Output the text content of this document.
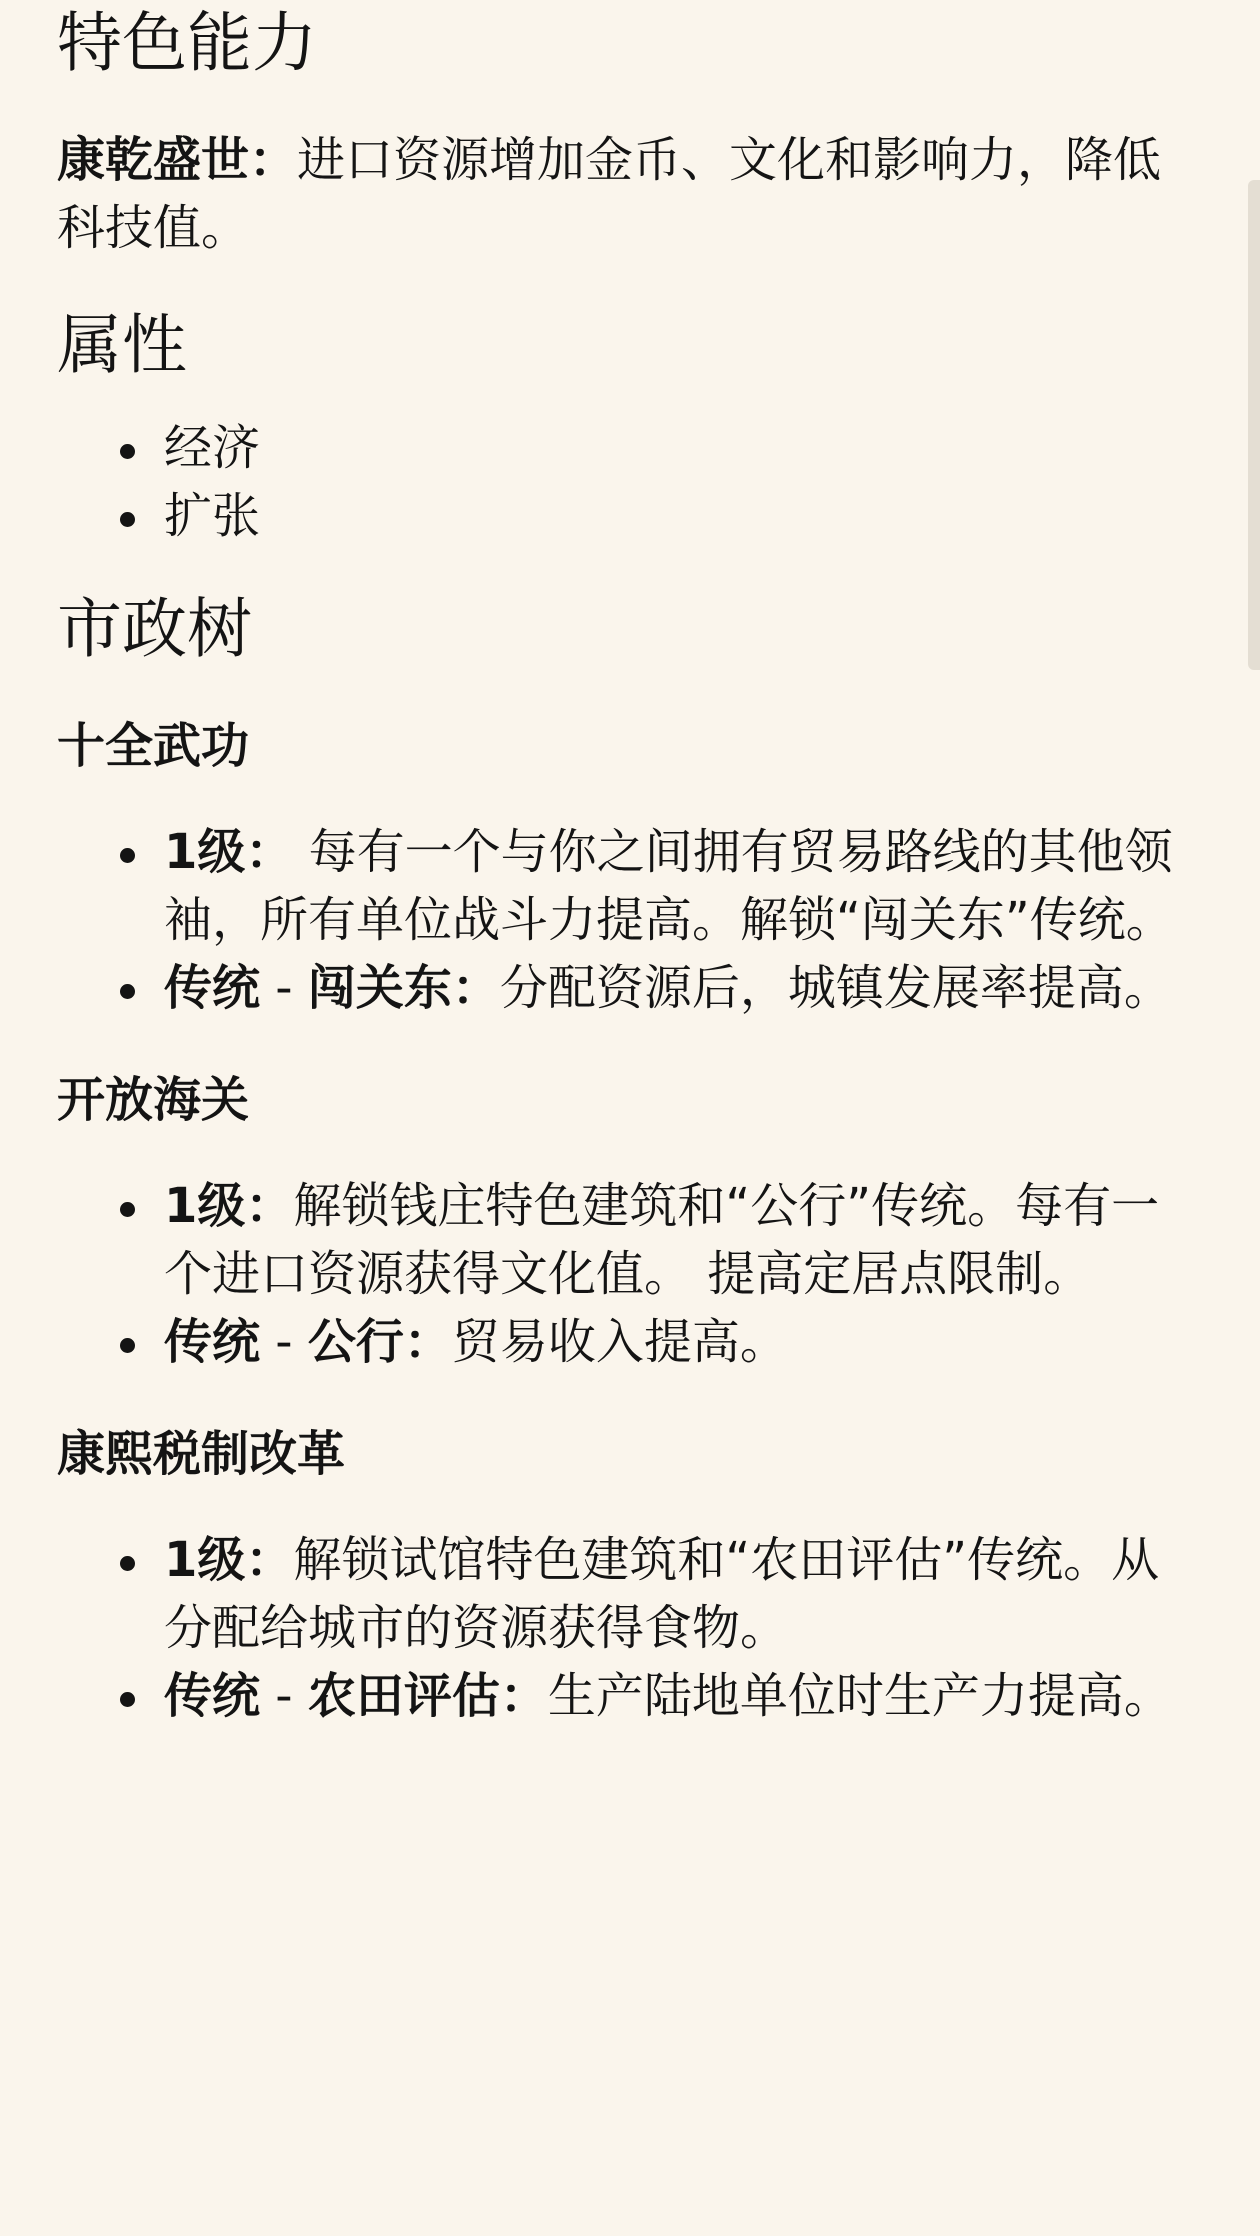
特色能力

康乾盛世：进口资源增加金币、文化和影响力，降低科技值。

属性
经济
扩张
市政树
十全武功
1级： 每有一个与你之间拥有贸易路线的其他领袖，所有单位战斗力提高。解锁“闯关东”传统。
传统 - 闯关东：分配资源后，城镇发展率提高。
开放海关
1级：解锁钱庄特色建筑和“公行”传统。每有一个进口资源获得文化值。 提高定居点限制。
传统 - 公行：贸易收入提高。
康熙税制改革
1级：解锁试馆特色建筑和“农田评估”传统。从分配给城市的资源获得食物。
传统 - 农田评估：生产陆地单位时生产力提高。
